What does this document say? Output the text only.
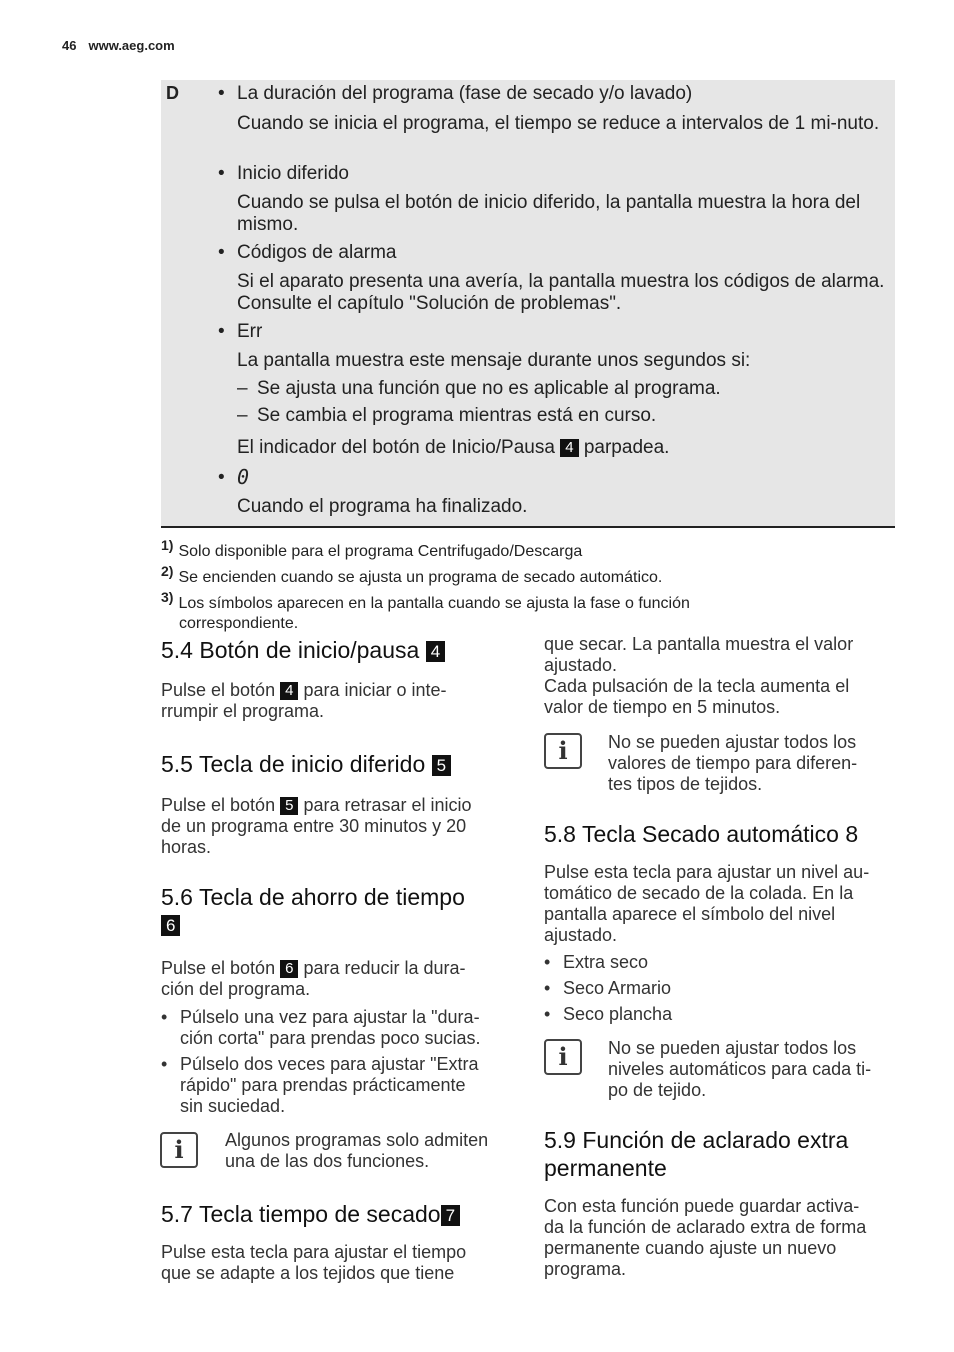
46 www.aeg.com
D • La duración del programa (fase de secado y/o lavado)
Cuando se inicia el programa, el tiempo se reduce a intervalos de 1 mi-nuto.
• Inicio diferido
Cuando se pulsa el botón de inicio diferido, la pantalla muestra la hora del mismo.
• Códigos de alarma
Si el aparato presenta una avería, la pantalla muestra los códigos de alarma. Consulte el capítulo "Solución de problemas".
• Err
La pantalla muestra este mensaje durante unos segundos si:
– Se ajusta una función que no es aplicable al programa.
– Se cambia el programa mientras está en curso.
El indicador del botón de Inicio/Pausa 4 parpadea.
• 0
Cuando el programa ha finalizado.
$^{1)}$ Solo disponible para el programa Centrifugado/Descarga
$^{2)}$ Se encienden cuando se ajusta un programa de secado automático.
$^{3)}$ Los símbolos aparecen en la pantalla cuando se ajusta la fase o función
correspondiente.
5.4 Botón de inicio/pausa 4
Pulse el botón 4 para iniciar o inte-
rrumpir el programa.
5.5 Tecla de inicio diferido 5
Pulse el botón 5 para retrasar el inicio
de un programa entre 30 minutos y 20
horas.
5.6 Tecla de ahorro de tiempo
6
Pulse el botón 6 para reducir la dura-
ción del programa.
• Púlselo una vez para ajustar la "dura-
ción corta" para prendas poco sucias.
• Púlselo dos veces para ajustar "Extra
rápido" para prendas prácticamente
sin suciedad.
i	Algunos programas solo admiten
una de las dos funciones.
5.7 Tecla tiempo de secado 7
Pulse esta tecla para ajustar el tiempo
que se adapte a los tejidos que tiene
que secar. La pantalla muestra el valor
ajustado.
Cada pulsación de la tecla aumenta el
valor de tiempo en 5 minutos.
i	No se pueden ajustar todos los
valores de tiempo para diferen-
tes tipos de tejidos.
5.8 Tecla Secado automático 8
Pulse esta tecla para ajustar un nivel au-
tomático de secado de la colada. En la
pantalla aparece el símbolo del nivel
ajustado.
• Extra seco
• Seco Armario
• Seco plancha
i	No se pueden ajustar todos los
niveles automáticos para cada ti-
po de tejido.
5.9 Función de aclarado extra
permanente
Con esta función puede guardar activa-
da la función de aclarado extra de forma
permanente cuando ajuste un nuevo
programa.
